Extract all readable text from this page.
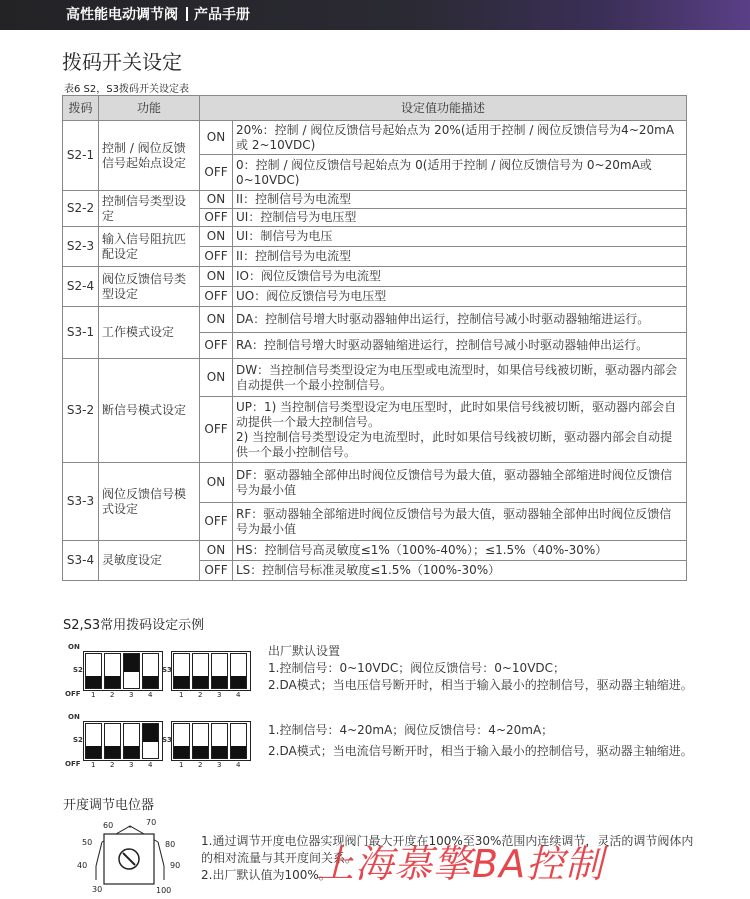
高性能电动调节阀 产品手册
拨码开关设定
表6 S2，S3拨码开关设定表
拨码	功能	设定值功能描述	
S2-1	控制 / 阀位反馈信号起始点设定	ON	20%：控制 / 阀位反馈信号起始点为 20%(适用于控制 / 阀位反馈信号为4~20mA或 2~10VDC)
		OFF	0：控制 / 阀位反馈信号起始点为 0(适用于控制 / 阀位反馈信号为 0~20mA或0~10VDC)
S2-2	控制信号类型设定	ON	II：控制信号为电流型
		OFF	UI：控制信号为电压型
S2-3	输入信号阻抗匹配设定	ON	UI：制信号为电压
		OFF	II：控制信号为电流型
S2-4	阀位反馈信号类型设定	ON	IO：阀位反馈信号为电流型
		OFF	UO：阀位反馈信号为电压型
S3-1	工作模式设定	ON	DA：控制信号增大时驱动器轴伸出运行，控制信号减小时驱动器轴缩进运行。
		OFF	RA：控制信号增大时驱动器轴缩进运行，控制信号减小时驱动器轴伸出运行。
S3-2	断信号模式设定	ON	DW：当控制信号类型设定为电压型或电流型时，如果信号线被切断，驱动器内部会自动提供一个最小控制信号。
		OFF	UP：1) 当控制信号类型设定为电压型时，此时如果信号线被切断，驱动器内部会自动提供一个最大控制信号。
2) 当控制信号类型设定为电流型时，此时如果信号线被切断，驱动器内部会自动提供一个最小控制信号。
S3-3	阀位反馈信号模式设定	ON	DF：驱动器轴全部伸出时阀位反馈信号为最大值，驱动器轴全部缩进时阀位反馈信号为最小值
		OFF	RF：驱动器轴全部缩进时阀位反馈信号为最大值，驱动器轴全部伸出时阀位反馈信号为最小值
S3-4	灵敏度设定	ON	HS：控制信号高灵敏度≤1%（100%-40%）；≤1.5%（40%-30%）
		OFF	LS：控制信号标准灵敏度≤1.5%（100%-30%）
S2,S3常用拨码设定示例
ON
OFF
S2	S3
1 2 3 4	1 2 3 4
ON
OFF
S2	S3
1 2 3 4	1 2 3 4
出厂默认设置
1.控制信号：0~10VDC；阀位反馈信号：0~10VDC；
2.DA模式；当电压信号断开时，相当于输入最小的控制信号，驱动器主轴缩进。
1.控制信号：4~20mA；阀位反馈信号：4~20mA；
2.DA模式；当电流信号断开时，相当于输入最小的控制信号，驱动器主轴缩进。
开度调节电位器
30
40
50
60	70
80
90
100
1.通过调节开度电位器实现阀门最大开度在100%至30%范围内连续调节，灵活的调节阀体内的相对流量与其开度间关系。
2.出厂默认值为100%。
上海慕擎BA控制
